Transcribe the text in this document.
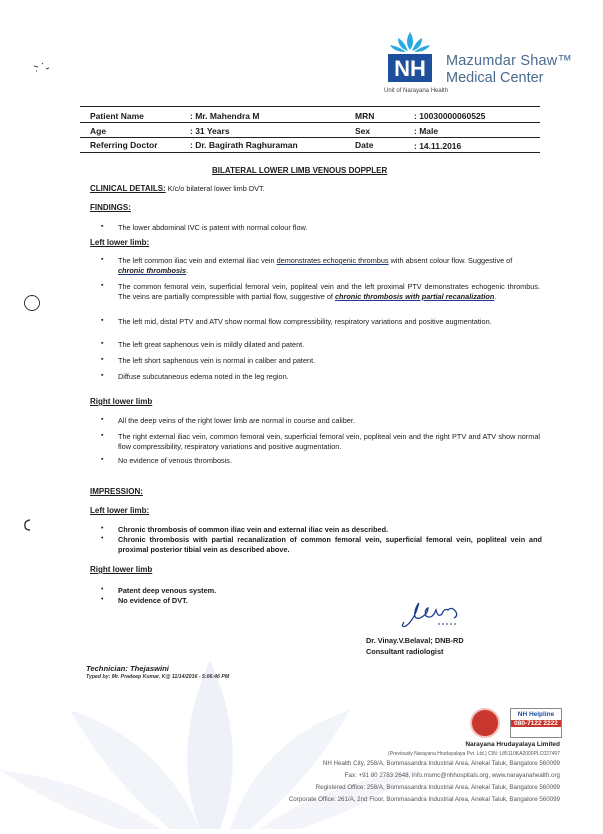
NH Mazumdar Shaw™
Medical Center
Unit of Narayana Health
Patient Name	: Mr. Mahendra M	MRN	: 10030000060525
Age	: 31 Years	Sex	: Male
Referring Doctor	: Dr. Bagirath Raghuraman	Date	: 14.11.2016
BILATERAL LOWER LIMB VENOUS DOPPLER
CLINICAL DETAILS: K/c/o bilateral lower limb DVT.
FINDINGS:
▪ The lower abdominal IVC is patent with normal colour flow.
Left lower limb:
▪ The left common iliac vein and external iliac vein demonstrates echogenic thrombus with absent colour flow. Suggestive of chronic thrombosis.
▪ The common femoral vein, superficial femoral vein, popliteal vein and the left proximal PTV demonstrates echogenic thrombus. The veins are partially compressible with partial flow, suggestive of chronic thrombosis with partial recanalization.
▪ The left mid, distal PTV and ATV show normal flow compressibility, respiratory variations and positive augmentation.
▪ The left great saphenous vein is mildly dilated and patent.
▪ The left short saphenous vein is normal in caliber and patent.
▪ Diffuse subcutaneous edema noted in the leg region.
Right lower limb
▪ All the deep veins of the right lower limb are normal in course and caliber.
▪ The right external iliac vein, common femoral vein, superficial femoral vein, popliteal vein and the right PTV and ATV show normal flow compressibility, respiratory variations and positive augmentation.
▪ No evidence of venous thrombosis.
IMPRESSION:
Left lower limb:
• Chronic thrombosis of common iliac vein and external iliac vein as described.
• Chronic thrombosis with partial recanalization of common femoral vein, superficial femoral vein, popliteal vein and proximal posterior tibial vein as described above.
Right lower limb
• Patent deep venous system.
• No evidence of DVT.
Dr. Vinay.V.Belaval; DNB-RD
Consultant radiologist
Technician: Thejaswini
Typed by: Mr. Pradeep Kumar. K@ 11/14/2016 - 5:06:46 PM
NH Helpline
080-7122 2222
Narayana Hrudayalaya Limited
(Previously Narayana Hrudayalaya Pvt. Ltd.) CIN: L85110KA2000PLC027497
NH Health City, 258/A, Bommasandra Industrial Area, Anekal Taluk, Bangalore 560099
Fax: +91 80 2783 2648, info.msmc@nhhospitals.org, www.narayanahealth.org
Registered Office: 258/A, Bommasandra Industrial Area, Anekal Taluk, Bangalore 560099
Corporate Office: 261/A, 2nd Floor, Bommasandra Industrial Area, Anekal Taluk, Bangalore 560099
